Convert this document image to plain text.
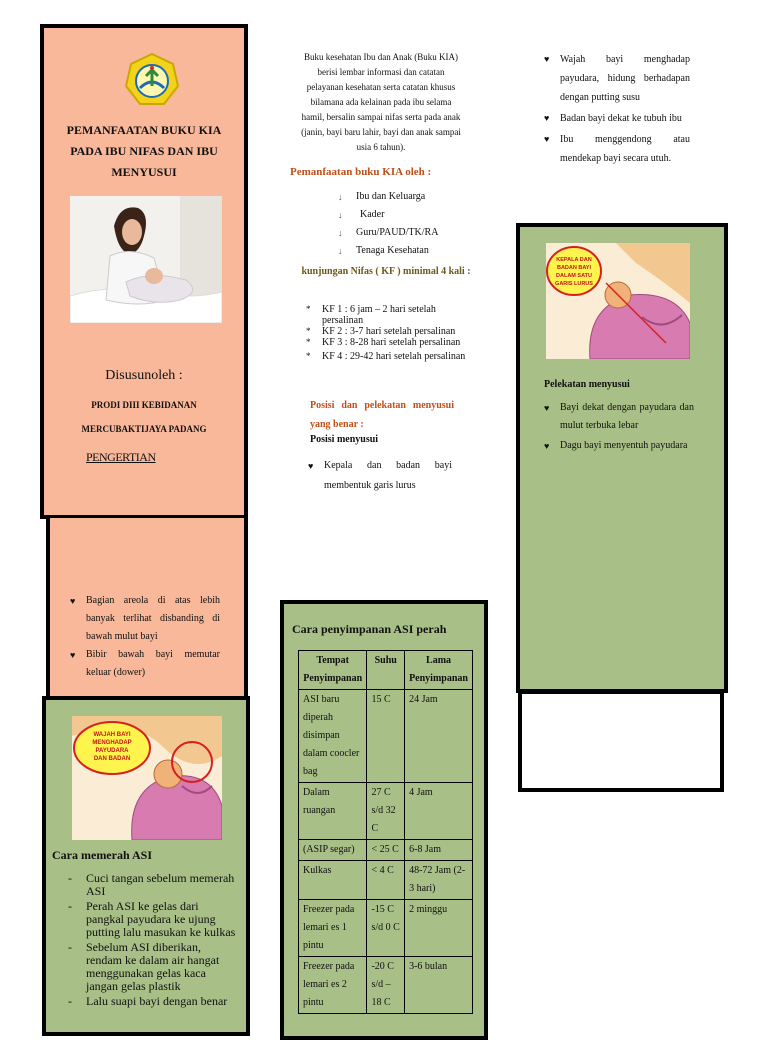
PEMANFAATAN BUKU KIA PADA IBU NIFAS DAN IBU MENYUSUI
Disusunoleh :
PRODI DIII KEBIDANAN
MERCUBAKTIJAYA PADANG
PENGERTIAN
♥ Bagian areola di atas lebih banyak terlihat disbanding di bawah mulut bayi
♥ Bibir bawah bayi memutar keluar (dower)
WAJAH BAYI
MENGHADAP
PAYUDARA
DAN BADAN
Cara memerah ASI
- Cuci tangan sebelum memerah ASI
- Perah ASI ke gelas dari pangkal payudara ke ujung putting lalu masukan ke kulkas
- Sebelum ASI diberikan, rendam ke dalam air hangat menggunakan gelas kaca jangan gelas plastik
- Lalu suapi bayi dengan benar
Buku kesehatan Ibu dan Anak (Buku KIA) berisi lembar informasi dan catatan pelayanan kesehatan serta catatan khusus bilamana ada kelainan pada ibu selama hamil, bersalin sampai nifas serta pada anak (janin, bayi baru lahir, bayi dan anak sampai usia 6 tahun).
Pemanfaatan buku KIA oleh :
↓ Ibu dan Keluarga
↓ Kader
↓ Guru/PAUD/TK/RA
↓ Tenaga Kesehatan
kunjungan Nifas ( KF ) minimal 4 kali :
* KF 1 : 6 jam – 2 hari setelah persalinan
* KF 2 : 3-7 hari setelah persalinan
* KF 3 : 8-28 hari setelah persalinan
* KF 4 : 29-42 hari setelah persalinan
Posisi dan pelekatan menyusui yang benar :
Posisi menyusui
♥ Kepala dan badan bayi membentuk garis lurus
Cara penyimpanan ASI perah
Tempat Penyimpanan	Suhu	Lama Penyimpanan
ASI baru diperah disimpan dalam coocler bag	15 C	24 Jam
Dalam ruangan	27 C s/d 32 C	4 Jam
(ASIP segar)	< 25 C	6-8 Jam
Kulkas	< 4 C	48-72 Jam (2-3 hari)
Freezer pada lemari es 1 pintu	-15 C s/d 0 C	2 minggu
Freezer pada lemari es 2 pintu	-20 C s/d – 18 C	3-6 bulan
♥ Wajah bayi menghadap payudara, hidung berhadapan dengan putting susu
♥ Badan bayi dekat ke tubuh ibu
♥ Ibu menggendong atau mendekap bayi secara utuh.
KEPALA DAN
BADAN BAYI
DALAM SATU
GARIS LURUS
Pelekatan menyusui
♥ Bayi dekat dengan payudara dan mulut terbuka lebar
♥ Dagu bayi menyentuh payudara
